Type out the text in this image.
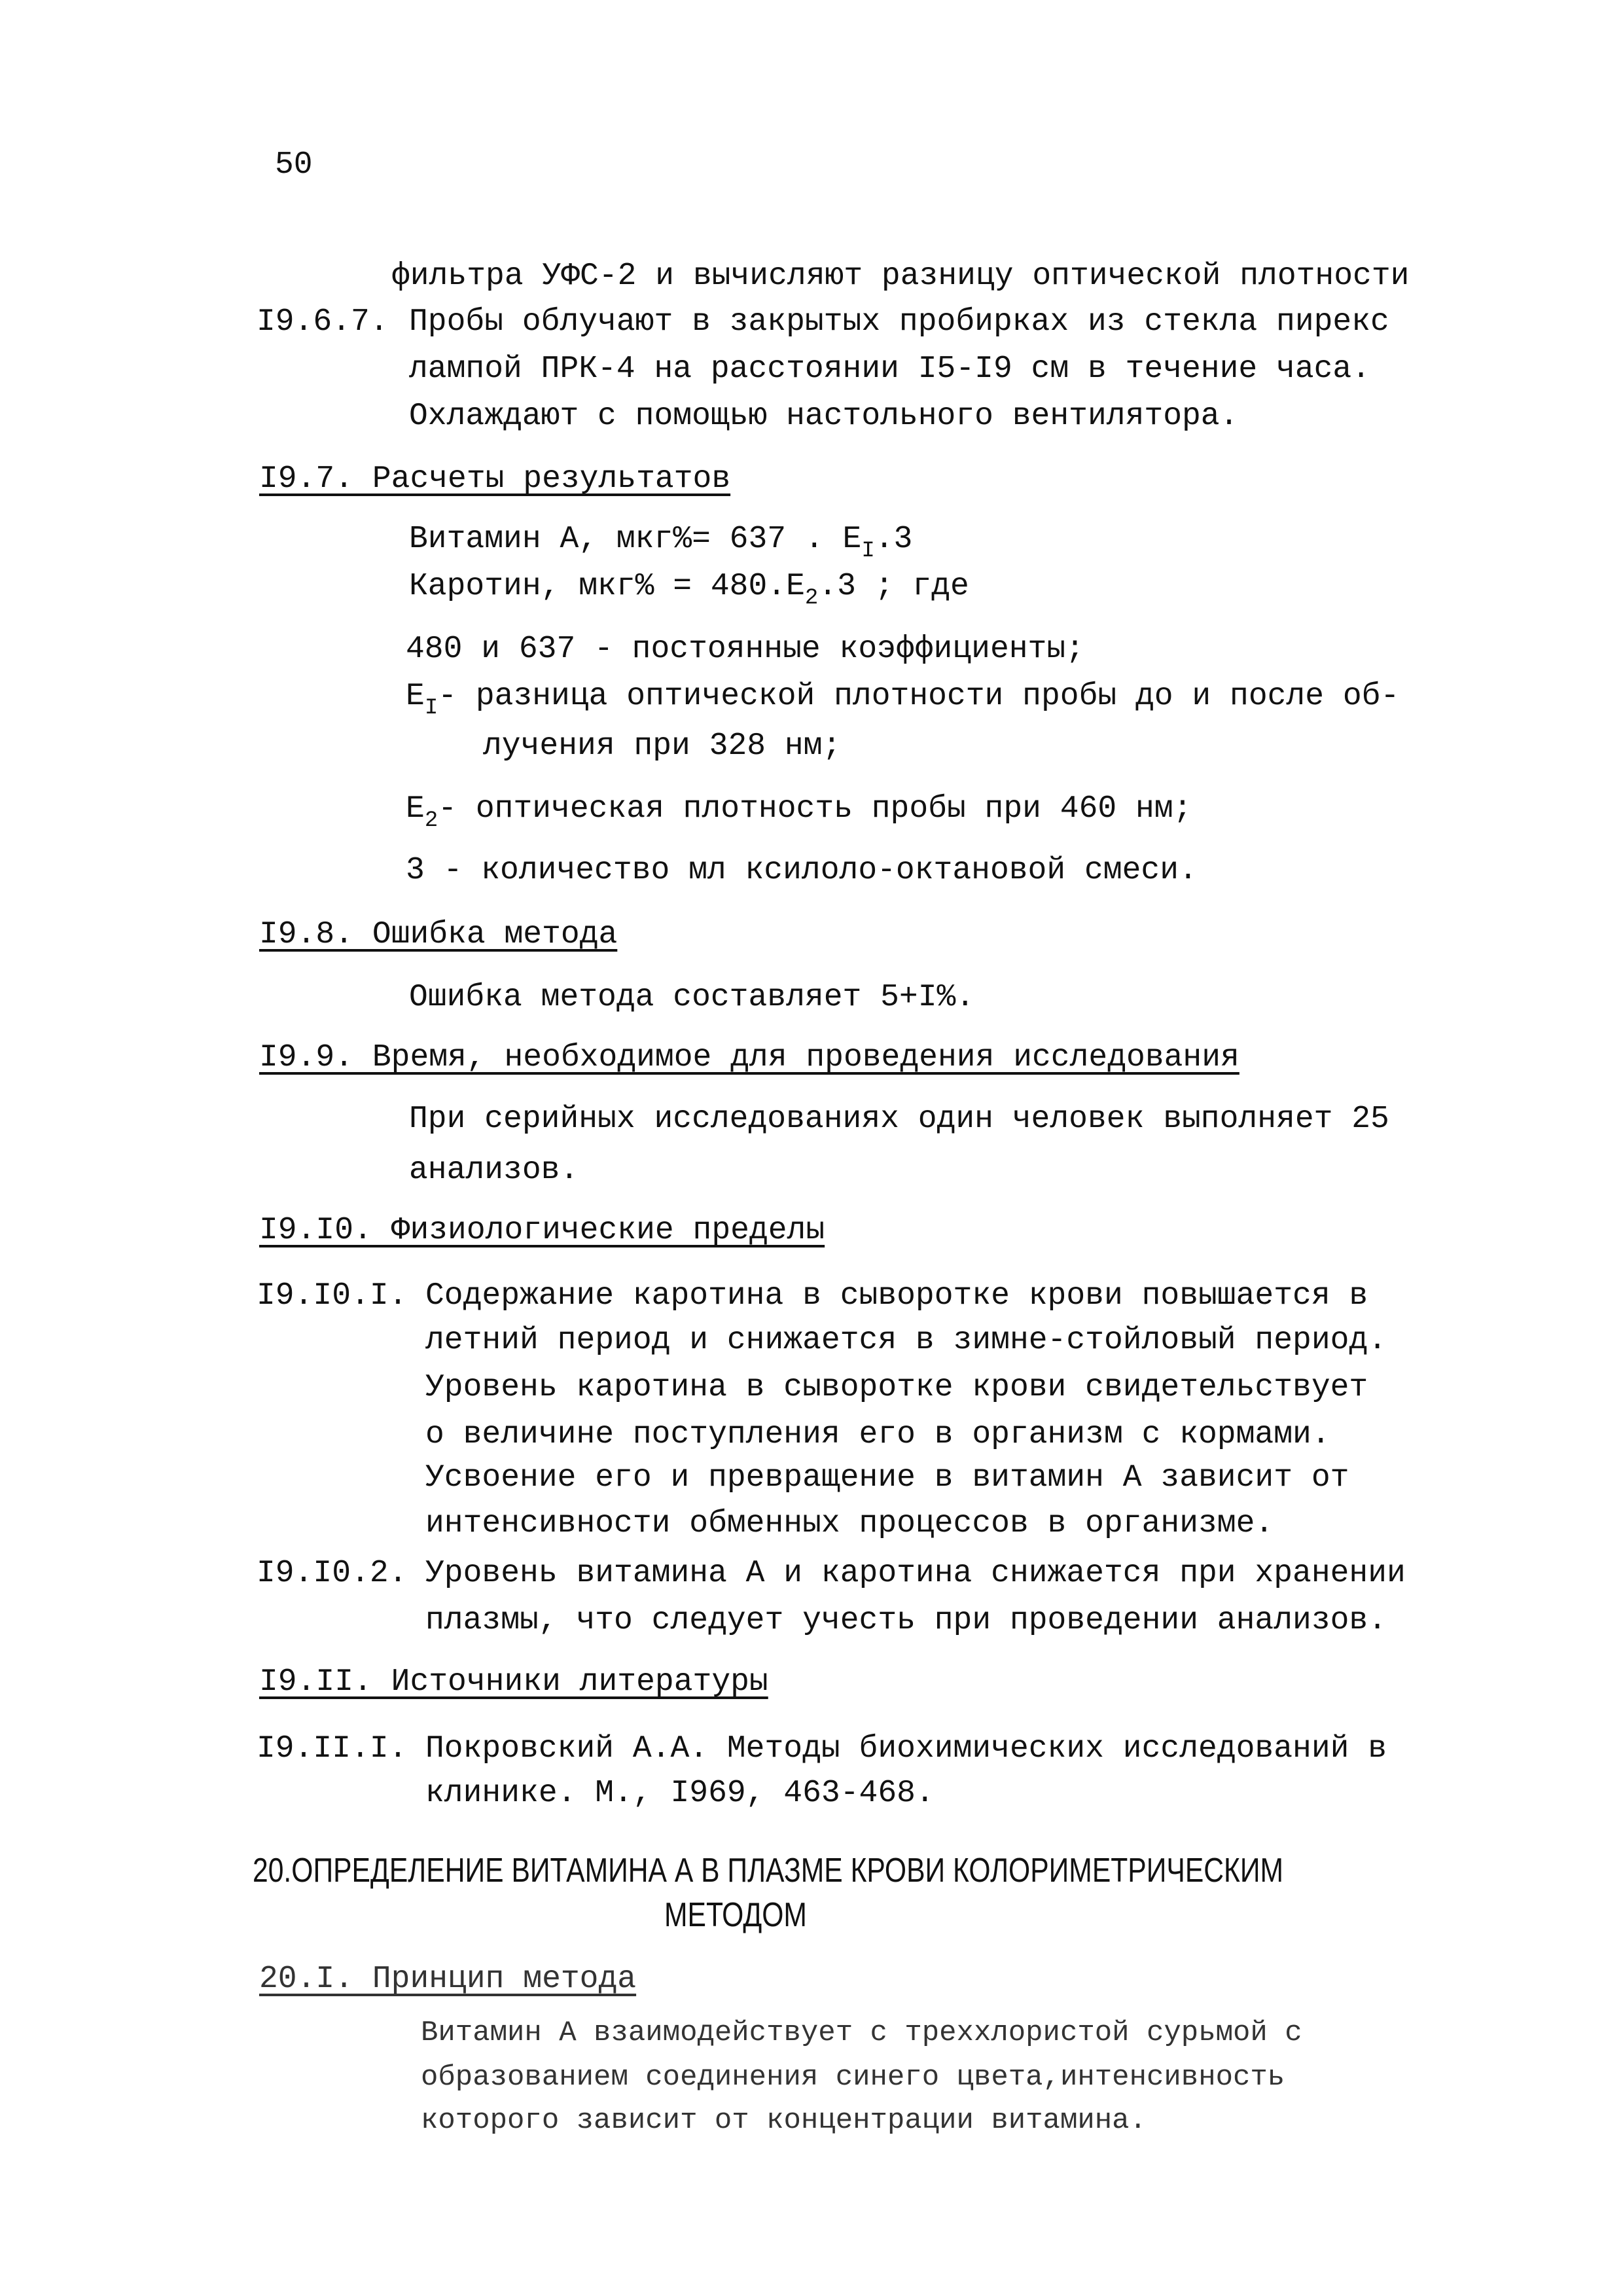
50
фильтра УФС-2 и вычисляют разницу оптической плотности
I9.6.7. Пробы облучают в закрытых пробирках из стекла пирекс
лампой ПРК-4 на расстоянии I5-I9 см в течение часа.
Охлаждают с помощью настольного вентилятора.
I9.7. Расчеты результатов
Витамин А, мкг%= 637 . $E_I.3$
Каротин, $мкг\% = 480.E_2.3$ ; где
480 и 637 - постоянные коэффициенты;
$E_I-$ разница оптической плотности пробы до и после об-
лучения при 328 нм;
$E_2-$ оптическая плотность пробы при 460 нм;
3 - количество мл ксилоло-октановой смеси.
I9.8. Ошибка метода
Ошибка метода составляет 5+I%.
I9.9. Время, необходимое для проведения исследования
При серийных исследованиях один человек выполняет 25
анализов.
I9.I0. Физиологические пределы
I9.I0.I. Содержание каротина в сыворотке крови повышается в
летний период и снижается в зимне-стойловый период.
Уровень каротина в сыворотке крови свидетельствует
о величине поступления его в организм с кормами.
Усвоение его и превращение в витамин А зависит от
интенсивности обменных процессов в организме.
I9.I0.2. Уровень витамина А и каротина снижается при хранении
плазмы, что следует учесть при проведении анализов.
I9.II. Источники литературы
I9.II.I. Покровский А.А. Методы биохимических исследований в
клинике. М., I969, 463-468.
20.ОПРЕДЕЛЕНИЕ ВИТАМИНА А В ПЛАЗМЕ КРОВИ КОЛОРИМЕТРИЧЕСКИМ
МЕТОДОМ
20.I. Принцип метода
Витамин А взаимодействует с треххлористой сурьмой с
образованием соединения синего цвета,интенсивность
которого зависит от концентрации витамина.
